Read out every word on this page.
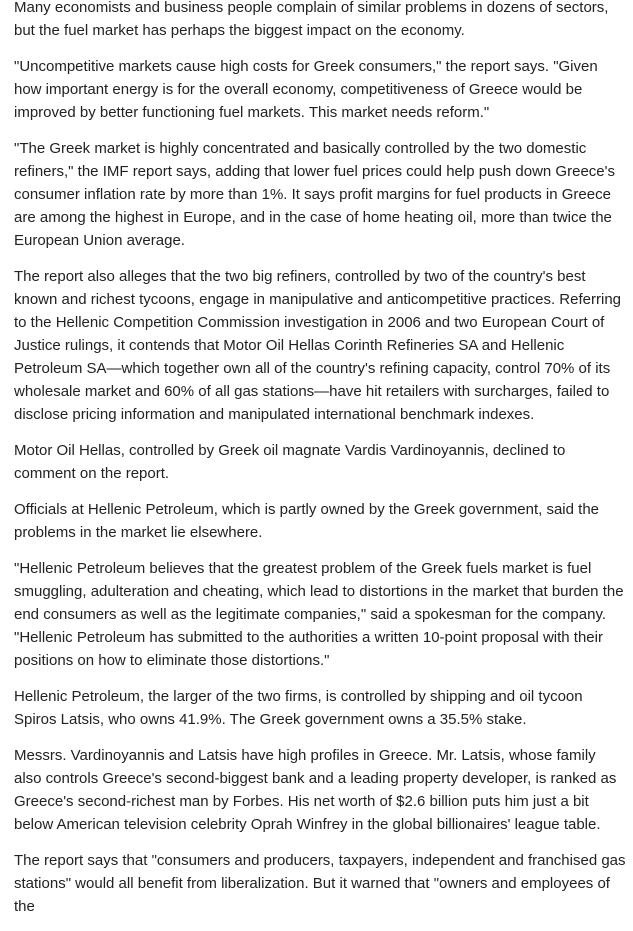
Many economists and business people complain of similar problems in dozens of sectors, but the fuel market has perhaps the biggest impact on the economy.

"Uncompetitive markets cause high costs for Greek consumers," the report says. "Given how important energy is for the overall economy, competitiveness of Greece would be improved by better functioning fuel markets. This market needs reform."

"The Greek market is highly concentrated and basically controlled by the two domestic refiners," the IMF report says, adding that lower fuel prices could help push down Greece's consumer inflation rate by more than 1%. It says profit margins for fuel products in Greece are among the highest in Europe, and in the case of home heating oil, more than twice the European Union average.

The report also alleges that the two big refiners, controlled by two of the country's best known and richest tycoons, engage in manipulative and anticompetitive practices. Referring to the Hellenic Competition Commission investigation in 2006 and two European Court of Justice rulings, it contends that Motor Oil Hellas Corinth Refineries SA and Hellenic Petroleum SA—which together own all of the country's refining capacity, control 70% of its wholesale market and 60% of all gas stations—have hit retailers with surcharges, failed to disclose pricing information and manipulated international benchmark indexes.

Motor Oil Hellas, controlled by Greek oil magnate Vardis Vardinoyannis, declined to comment on the report.

Officials at Hellenic Petroleum, which is partly owned by the Greek government, said the problems in the market lie elsewhere.

"Hellenic Petroleum believes that the greatest problem of the Greek fuels market is fuel smuggling, adulteration and cheating, which lead to distortions in the market that burden the end consumers as well as the legitimate companies," said a spokesman for the company. "Hellenic Petroleum has submitted to the authorities a written 10-point proposal with their positions on how to eliminate those distortions."

Hellenic Petroleum, the larger of the two firms, is controlled by shipping and oil tycoon Spiros Latsis, who owns 41.9%. The Greek government owns a 35.5% stake.

Messrs. Vardinoyannis and Latsis have high profiles in Greece. Mr. Latsis, whose family also controls Greece's second-biggest bank and a leading property developer, is ranked as Greece's second-richest man by Forbes. His net worth of $2.6 billion puts him just a bit below American television celebrity Oprah Winfrey in the global billionaires' league table.

The report says that "consumers and producers, taxpayers, independent and franchised gas stations" would all benefit from liberalization. But it warned that "owners and employees of the
